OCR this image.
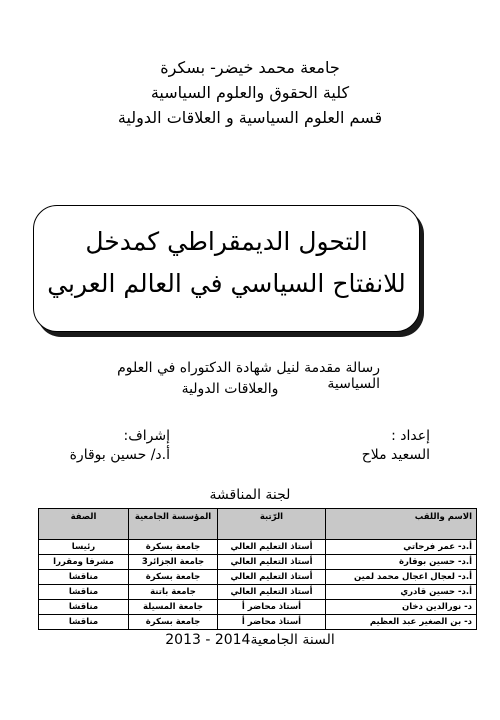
جامعة محمد خيضر- بسكرة
كلية الحقوق والعلوم السياسية
قسم العلوم السياسية و العلاقات الدولية
التحول الديمقراطي كمدخل
للانفتاح السياسي في العالم العربي
رسالة مقدمة لنيل شهادة الدكتوراه في العلوم السياسية
والعلاقات الدولية
إعداد :
السعيد ملاح
إشراف:
أ.د/ حسين بوقارة
لجنة المناقشة
الاسم واللقب	الرّتبة	المؤسسة الجامعية	الصفة
أ.د- عمر فرحاتي	أستاذ التعليم العالي	جامعة بسكرة	رئيسا
أ.د- حسين بوقارة	أستاذ التعليم العالي	جامعة الجزائر3	مشرفا ومقررا
أ.د- لعجال اعجال محمد لمين	أستاذ التعليم العالي	جامعة بسكرة	مناقشا
أ.د- حسين قادري	أستاذ التعليم العالي	جامعة باتنة	مناقشا
د- نورالدين دخان	أستاذ محاضر أ	جامعة المسيلة	مناقشا
د- بن الصغير عبد العظيم	أستاذ محاضر أ	جامعة بسكرة	مناقشا
السنة الجامعية2013 - 2014
